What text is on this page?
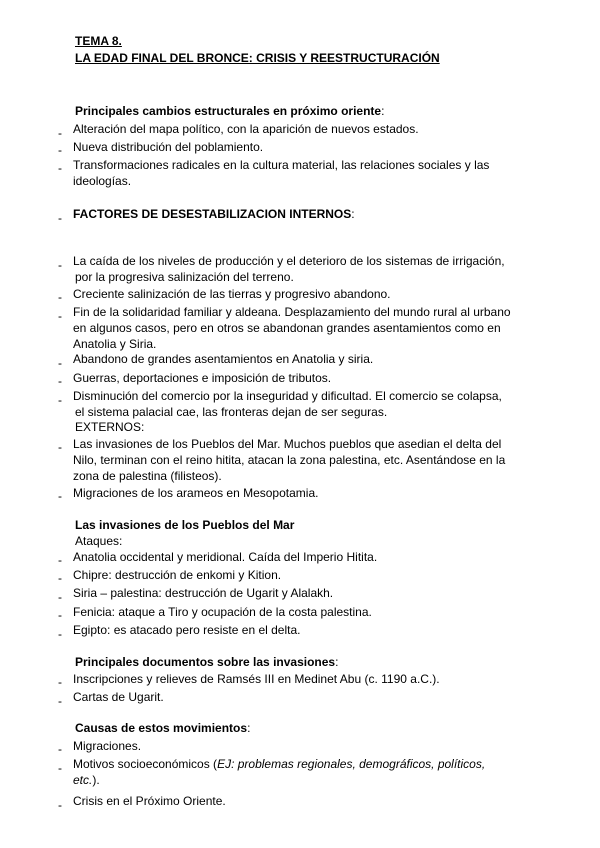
TEMA 8.
LA EDAD FINAL DEL BRONCE: CRISIS Y REESTRUCTURACIÓN
Principales cambios estructurales en próximo oriente:
- Alteración del mapa político, con la aparición de nuevos estados.
- Nueva distribución del poblamiento.
- Transformaciones radicales en la cultura material, las relaciones sociales y las
ideologías.
- FACTORES DE DESESTABILIZACION INTERNOS:
- La caída de los niveles de producción y el deterioro de los sistemas de irrigación,
por la progresiva salinización del terreno.
- Creciente salinización de las tierras y progresivo abandono.
- Fin de la solidaridad familiar y aldeana. Desplazamiento del mundo rural al urbano
en algunos casos, pero en otros se abandonan grandes asentamientos como en
Anatolia y Siria.
- Abandono de grandes asentamientos en Anatolia y siria.
- Guerras, deportaciones e imposición de tributos.
- Disminución del comercio por la inseguridad y dificultad. El comercio se colapsa,
el sistema palacial cae, las fronteras dejan de ser seguras.
EXTERNOS:
- Las invasiones de los Pueblos del Mar. Muchos pueblos que asedian el delta del
Nilo, terminan con el reino hitita, atacan la zona palestina, etc. Asentándose en la
zona de palestina (filisteos).
- Migraciones de los arameos en Mesopotamia.
Las invasiones de los Pueblos del Mar
Ataques:
- Anatolia occidental y meridional. Caída del Imperio Hitita.
- Chipre: destrucción de enkomi y Kition.
- Siria – palestina: destrucción de Ugarit y Alalakh.
- Fenicia: ataque a Tiro y ocupación de la costa palestina.
- Egipto: es atacado pero resiste en el delta.
Principales documentos sobre las invasiones:
- Inscripciones y relieves de Ramsés III en Medinet Abu (c. 1190 a.C.).
- Cartas de Ugarit.
Causas de estos movimientos:
- Migraciones.
- Motivos socioeconómicos (EJ: problemas regionales, demográficos, políticos,
etc.).
- Crisis en el Próximo Oriente.
